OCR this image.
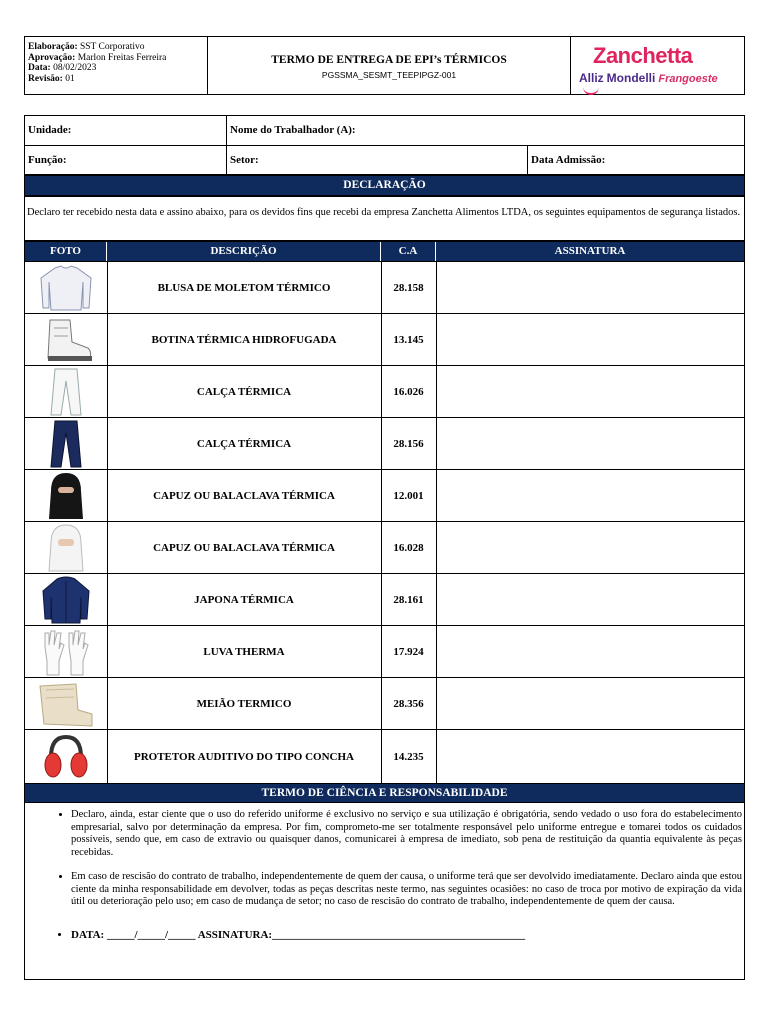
Elaboração: SST Corporativo
Aprovação: Marlon Freitas Ferreira
Data: 08/02/2023
Revisão: 01
TERMO DE ENTREGA DE EPI’s TÉRMICOS
PGSSMA_SESMT_TEEPIPGZ-001
Zanchetta
Alliz Mondelli Frangoeste
Unidade:	Nome do Trabalhador (A):
Função:	Setor:	Data Admissão:
DECLARAÇÃO
Declaro ter recebido nesta data e assino abaixo, para os devidos fins que recebi da empresa Zanchetta Alimentos LTDA, os seguintes equipamentos de segurança listados.
FOTO	DESCRIÇÃO	C.A	ASSINATURA
BLUSA DE MOLETOM TÉRMICO	28.158
BOTINA TÉRMICA HIDROFUGADA	13.145
CALÇA TÉRMICA	16.026
CALÇA TÉRMICA	28.156
CAPUZ OU BALACLAVA TÉRMICA	12.001
CAPUZ OU BALACLAVA TÉRMICA	16.028
JAPONA TÉRMICA	28.161
LUVA THERMA	17.924
MEIÃO TERMICO	28.356
PROTETOR AUDITIVO DO TIPO CONCHA	14.235
TERMO DE CIÊNCIA E RESPONSABILIDADE
• Declaro, ainda, estar ciente que o uso do referido uniforme é exclusivo no serviço e sua utilização é obrigatória, sendo vedado o uso fora do estabelecimento empresarial, salvo por determinação da empresa. Por fim, comprometo-me ser totalmente responsável pelo uniforme entregue e tomarei todos os cuidados possíveis, sendo que, em caso de extravio ou quaisquer danos, comunicarei à empresa de imediato, sob pena de restituição da quantia equivalente às peças recebidas.
• Em caso de rescisão do contrato de trabalho, independentemente de quem der causa, o uniforme terá que ser devolvido imediatamente. Declaro ainda que estou ciente da minha responsabilidade em devolver, todas as peças descritas neste termo, nas seguintes ocasiões: no caso de troca por motivo de expiração da vida útil ou deterioração pelo uso; em caso de mudança de setor; no caso de rescisão do contrato de trabalho, independentemente de quem der causa.
• DATA: _____/_____/_____ ASSINATURA:______________________________________________
